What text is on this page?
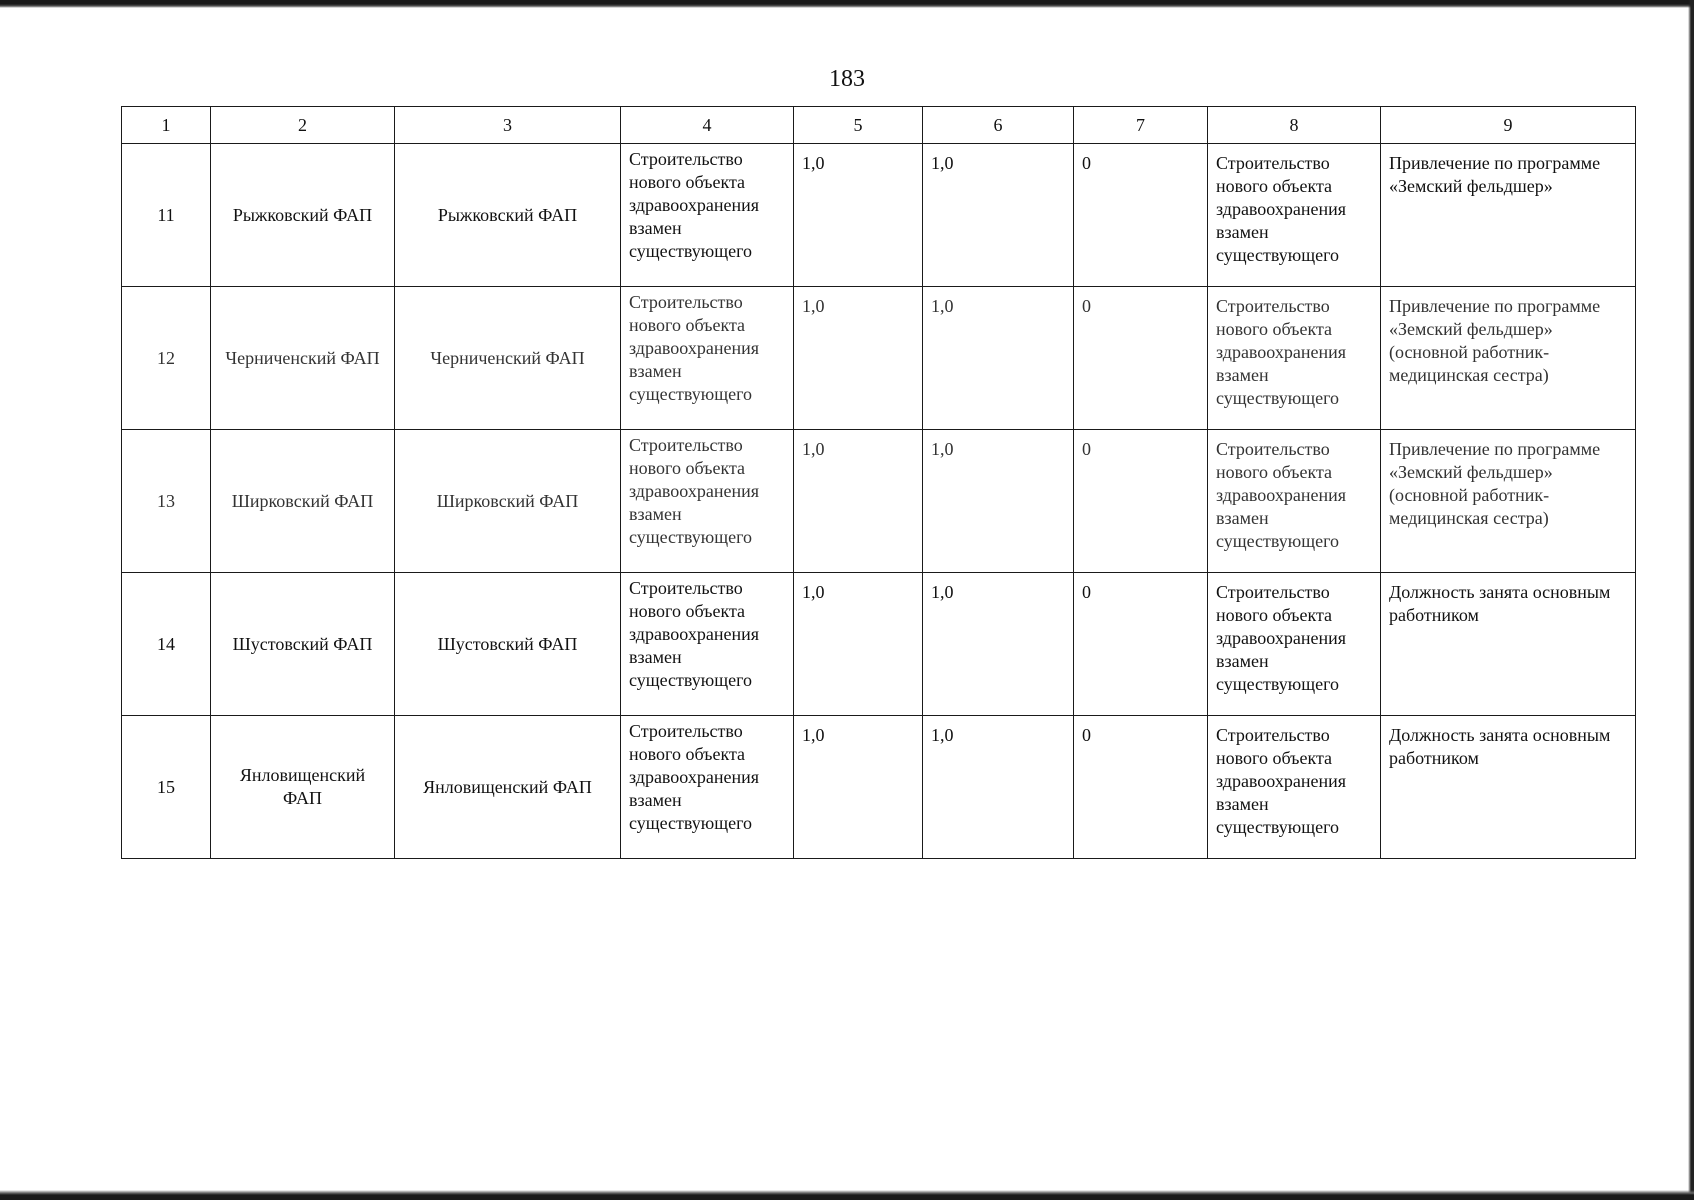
183
1	2	3	4	5	6	7	8	9
11	Рыжковский ФАП	Рыжковский ФАП	Строительство нового объекта здравоохранения взамен существующего	1,0	1,0	0	Строительство нового объекта здравоохранения взамен существующего	Привлечение по программе «Земский фельдшер»
12	Черниченский ФАП	Черниченский ФАП	Строительство нового объекта здравоохранения взамен существующего	1,0	1,0	0	Строительство нового объекта здравоохранения взамен существующего	Привлечение по программе «Земский фельдшер» (основной работник- медицинская сестра)
13	Ширковский ФАП	Ширковский ФАП	Строительство нового объекта здравоохранения взамен существующего	1,0	1,0	0	Строительство нового объекта здравоохранения взамен существующего	Привлечение по программе «Земский фельдшер» (основной работник- медицинская сестра)
14	Шустовский ФАП	Шустовский ФАП	Строительство нового объекта здравоохранения взамен существующего	1,0	1,0	0	Строительство нового объекта здравоохранения взамен существующего	Должность занята основным работником
15	Янловищенский ФАП	Янловищенский ФАП	Строительство нового объекта здравоохранения взамен существующего	1,0	1,0	0	Строительство нового объекта здравоохранения взамен существующего	Должность занята основным работником
